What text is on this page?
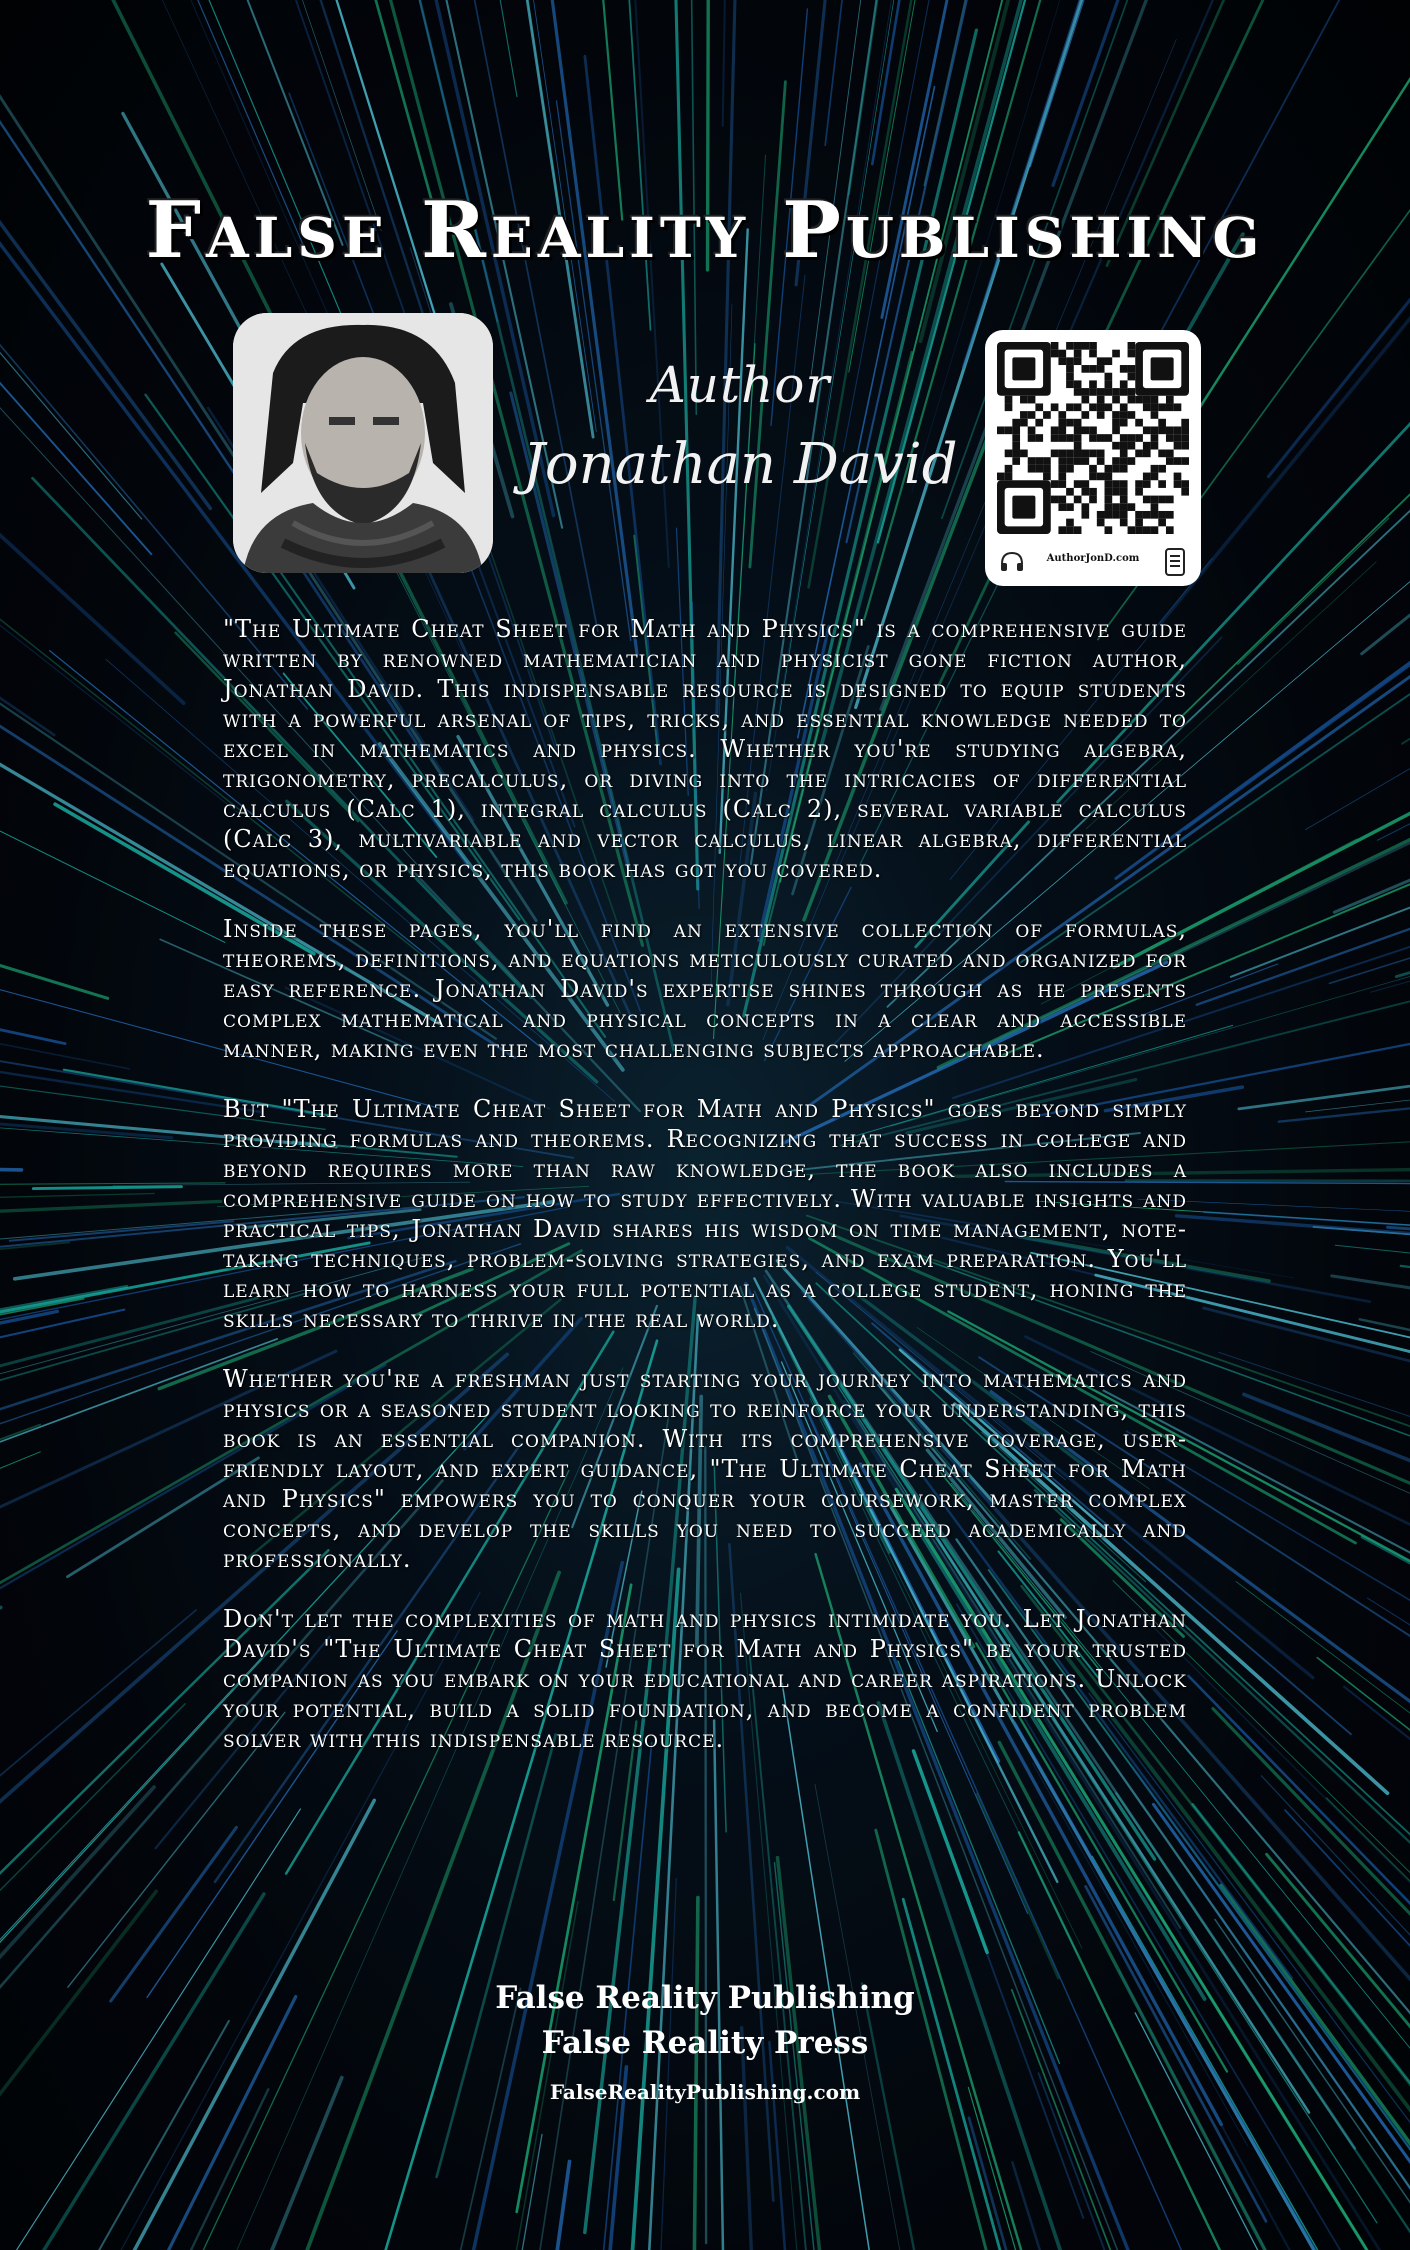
False Reality Publishing
Author
Jonathan David
AuthorJonD.com

"The Ultimate Cheat Sheet for Math and Physics" is a comprehensive guide written by renowned mathematician and physicist gone fiction author, Jonathan David. This indispensable resource is designed to equip students with a powerful arsenal of tips, tricks, and essential knowledge needed to excel in mathematics and physics. Whether you're studying algebra, trigonometry, precalculus, or diving into the intricacies of differential calculus (Calc 1), integral calculus (Calc 2), several variable calculus (Calc 3), multivariable and vector calculus, linear algebra, differential equations, or physics, this book has got you covered.

Inside these pages, you'll find an extensive collection of formulas, theorems, definitions, and equations meticulously curated and organized for easy reference. Jonathan David's expertise shines through as he presents complex mathematical and physical concepts in a clear and accessible manner, making even the most challenging subjects approachable.

But "The Ultimate Cheat Sheet for Math and Physics" goes beyond simply providing formulas and theorems. Recognizing that success in college and beyond requires more than raw knowledge, the book also includes a comprehensive guide on how to study effectively. With valuable insights and practical tips, Jonathan David shares his wisdom on time management, note-taking techniques, problem-solving strategies, and exam preparation. You'll learn how to harness your full potential as a college student, honing the skills necessary to thrive in the real world.

Whether you're a freshman just starting your journey into mathematics and physics or a seasoned student looking to reinforce your understanding, this book is an essential companion. With its comprehensive coverage, user-friendly layout, and expert guidance, "The Ultimate Cheat Sheet for Math and Physics" empowers you to conquer your coursework, master complex concepts, and develop the skills you need to succeed academically and professionally.

Don't let the complexities of math and physics intimidate you. Let Jonathan David's "The Ultimate Cheat Sheet for Math and Physics" be your trusted companion as you embark on your educational and career aspirations. Unlock your potential, build a solid foundation, and become a confident problem solver with this indispensable resource.

False Reality Publishing
False Reality Press
FalseRealityPublishing.com
